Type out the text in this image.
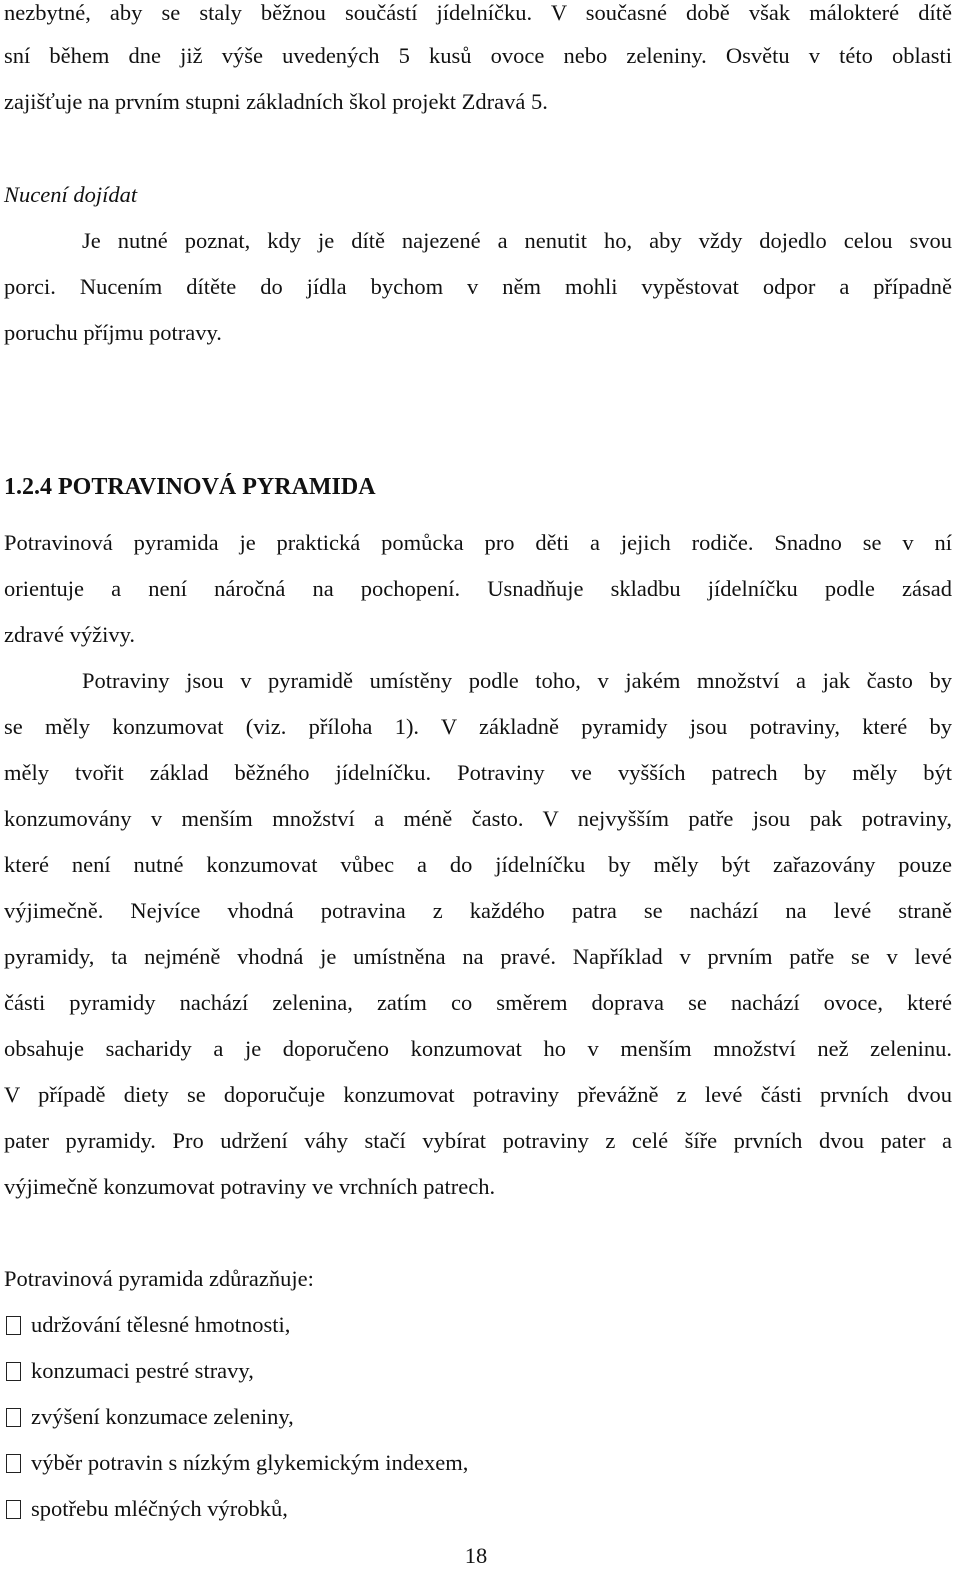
nezbytné, aby se staly běžnou součástí jídelníčku. V současné době však málokteré dítě
sní během dne již výše uvedených 5 kusů ovoce nebo zeleniny. Osvětu v této oblasti
zajišťuje na prvním stupni základních škol projekt Zdravá 5.
Nucení dojídat
Je nutné poznat, kdy je dítě najezené a nenutit ho, aby vždy dojedlo celou svou
porci. Nucením dítěte do jídla bychom v něm mohli vypěstovat odpor a případně
poruchu příjmu potravy.
1.2.4 POTRAVINOVÁ PYRAMIDA
Potravinová pyramida je praktická pomůcka pro děti a jejich rodiče. Snadno se v ní
orientuje a není náročná na pochopení. Usnadňuje skladbu jídelníčku podle zásad
zdravé výživy.
Potraviny jsou v pyramidě umístěny podle toho, v jakém množství a jak často by
se měly konzumovat (viz. příloha 1). V základně pyramidy jsou potraviny, které by
měly tvořit základ běžného jídelníčku. Potraviny ve vyšších patrech by měly být
konzumovány v menším množství a méně často. V nejvyšším patře jsou pak potraviny,
které není nutné konzumovat vůbec a do jídelníčku by měly být zařazovány pouze
výjimečně. Nejvíce vhodná potravina z každého patra se nachází na levé straně
pyramidy, ta nejméně vhodná je umístněna na pravé. Například v prvním patře se v levé
části pyramidy nachází zelenina, zatím co směrem doprava se nachází ovoce, které
obsahuje sacharidy a je doporučeno konzumovat ho v menším množství než zeleninu.
V případě diety se doporučuje konzumovat potraviny převážně z levé části prvních dvou
pater pyramidy. Pro udržení váhy stačí vybírat potraviny z celé šíře prvních dvou pater a
výjimečně konzumovat potraviny ve vrchních patrech.
Potravinová pyramida zdůrazňuje:
udržování tělesné hmotnosti,
konzumaci pestré stravy,
zvýšení konzumace zeleniny,
výběr potravin s nízkým glykemickým indexem,
spotřebu mléčných výrobků,
18
